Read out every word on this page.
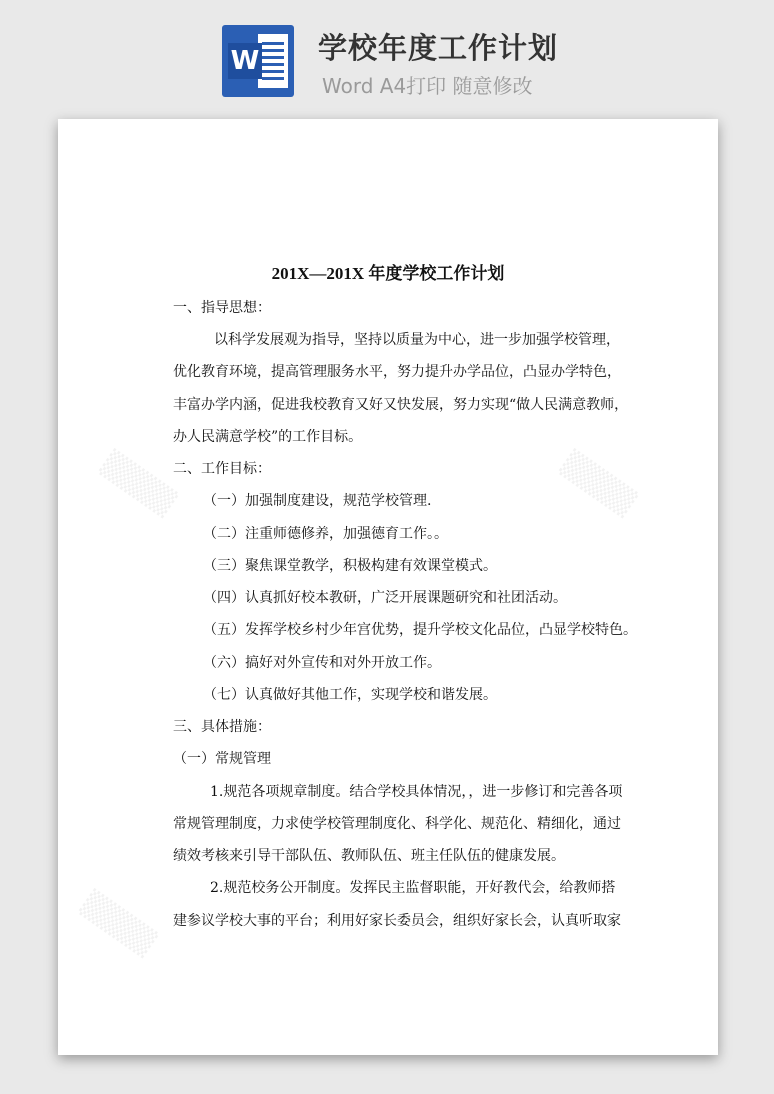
W 学校年度工作计划
Word A4打印 随意修改
▒▒▒▒	▒▒▒▒
▒▒▒▒
201X—201X 年度学校工作计划
一、指导思想：
以科学发展观为指导，坚持以质量为中心，进一步加强学校管理，
优化教育环境，提高管理服务水平，努力提升办学品位，凸显办学特色，
丰富办学内涵，促进我校教育又好又快发展，努力实现“做人民满意教师，
办人民满意学校”的工作目标。
二、工作目标：
（一）加强制度建设，规范学校管理.
（二）注重师德修养，加强德育工作。。
（三）聚焦课堂教学，积极构建有效课堂模式。
（四）认真抓好校本教研，广泛开展课题研究和社团活动。
（五）发挥学校乡村少年宫优势，提升学校文化品位，凸显学校特色。
（六）搞好对外宣传和对外开放工作。
（七）认真做好其他工作，实现学校和谐发展。
三、具体措施：
（一）常规管理
1.规范各项规章制度。结合学校具体情况，，进一步修订和完善各项
常规管理制度，力求使学校管理制度化、科学化、规范化、精细化，通过
绩效考核来引导干部队伍、教师队伍、班主任队伍的健康发展。
2.规范校务公开制度。发挥民主监督职能，开好教代会，给教师搭
建参议学校大事的平台；利用好家长委员会，组织好家长会，认真听取家
